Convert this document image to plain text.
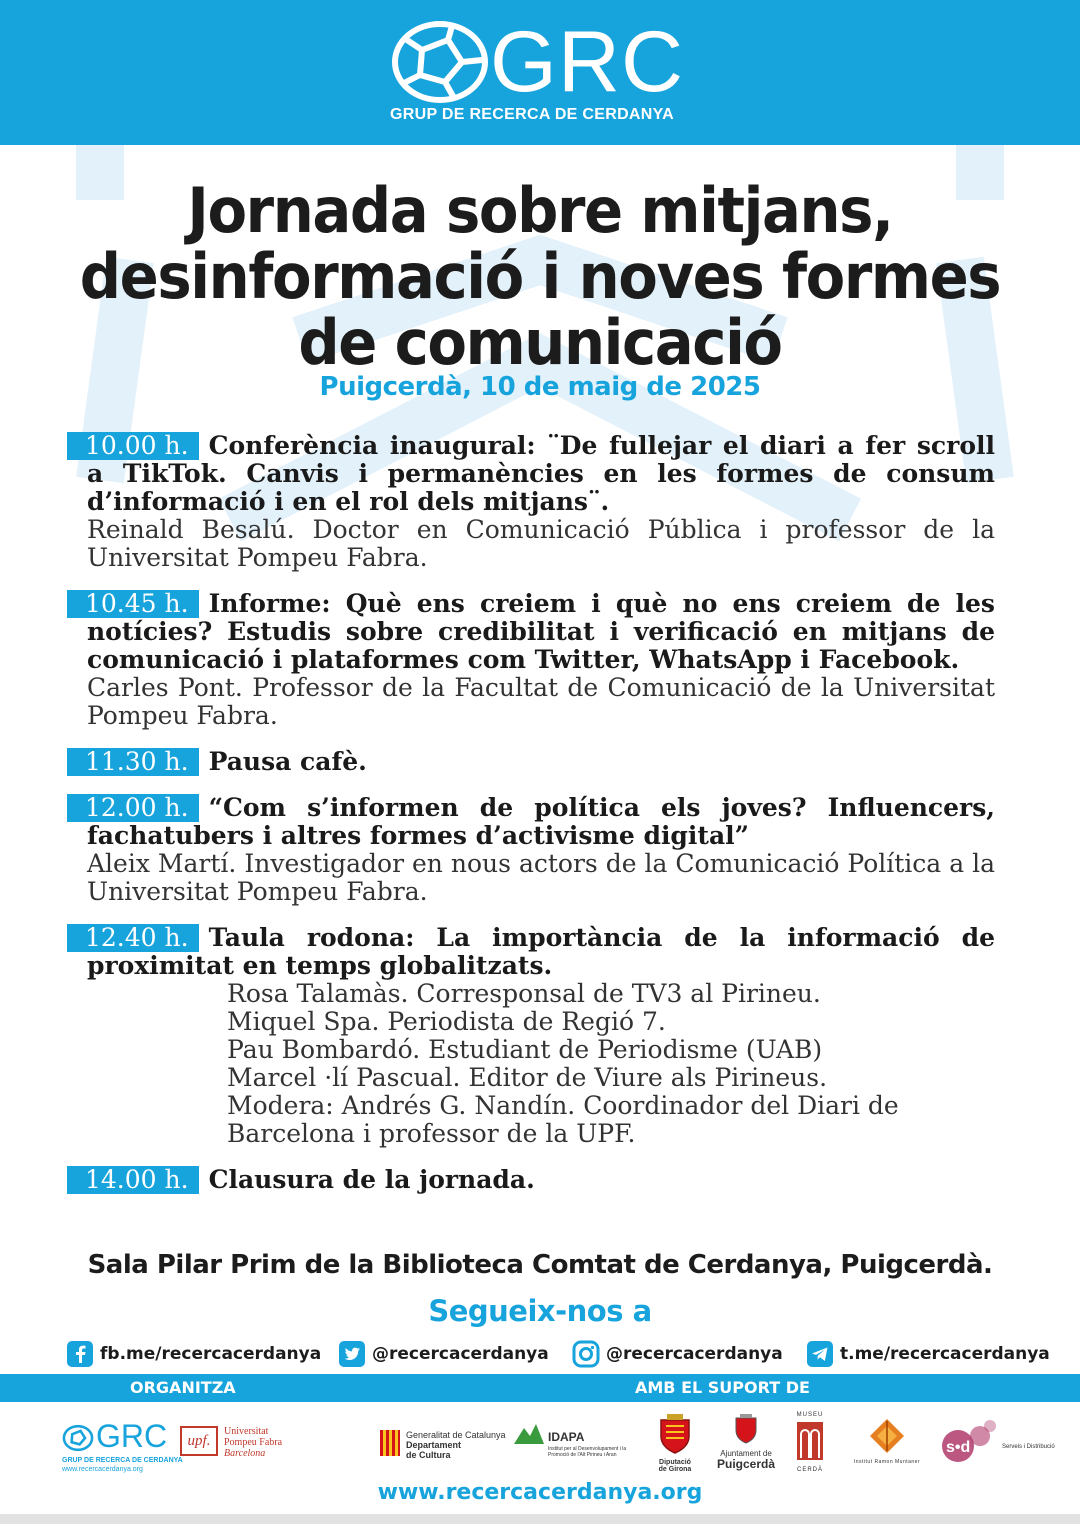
GRC
GRUP DE RECERCA DE CERDANYA
Jornada sobre mitjans,
desinformació i noves formes
de comunicació
Puigcerdà, 10 de maig de 2025
10.00 h. Conferència inaugural: ¨De fullejar el diari a fer scroll a TikTok. Canvis i permanències en les formes de consum d’informació i en el rol dels mitjans¨.
Reinald Besalú. Doctor en Comunicació Pública i professor de la Universitat Pompeu Fabra.
10.45 h. Informe: Què ens creiem i què no ens creiem de les notícies? Estudis sobre credibilitat i verificació en mitjans de comunicació i plataformes com Twitter, WhatsApp i Facebook.
Carles Pont. Professor de la Facultat de Comunicació de la Universitat Pompeu Fabra.
11.30 h. Pausa cafè.
12.00 h. “Com s’informen de política els joves? Influencers, fachatubers i altres formes d’activisme digital”
Aleix Martí. Investigador en nous actors de la Comunicació Política a la Universitat Pompeu Fabra.
12.40 h. Taula rodona: La importància de la informació de proximitat en temps globalitzats.
Rosa Talamàs. Corresponsal de TV3 al Pirineu.
Miquel Spa. Periodista de Regió 7.
Pau Bombardó. Estudiant de Periodisme (UAB)
Marcel ·lí Pascual. Editor de Viure als Pirineus.
Modera: Andrés G. Nandín. Coordinador del Diari de Barcelona i professor de la UPF.
14.00 h. Clausura de la jornada.
Sala Pilar Prim de la Biblioteca Comtat de Cerdanya, Puigcerdà.
Segueix-nos a
fb.me/recercacerdanya	@recercacerdanya	@recercacerdanya	t.me/recercacerdanya
ORGANITZA	AMB EL SUPORT DE
GRC
GRUP DE RECERCA DE CERDANYA
www.recercacerdanya.org
upf.
Universitat
Pompeu Fabra
Barcelona
Generalitat de Catalunya
Departament
de Cultura
IDAPA
Institut per al Desenvolupament i la Promoció de l'Alt Pirineu i Aran
Diputació
de Girona
Ajuntament de
Puigcerdà
MUSEU
CERDÀ
Institut Ramon Muntaner
s•d	Serveis i Distribució
www.recercacerdanya.org
